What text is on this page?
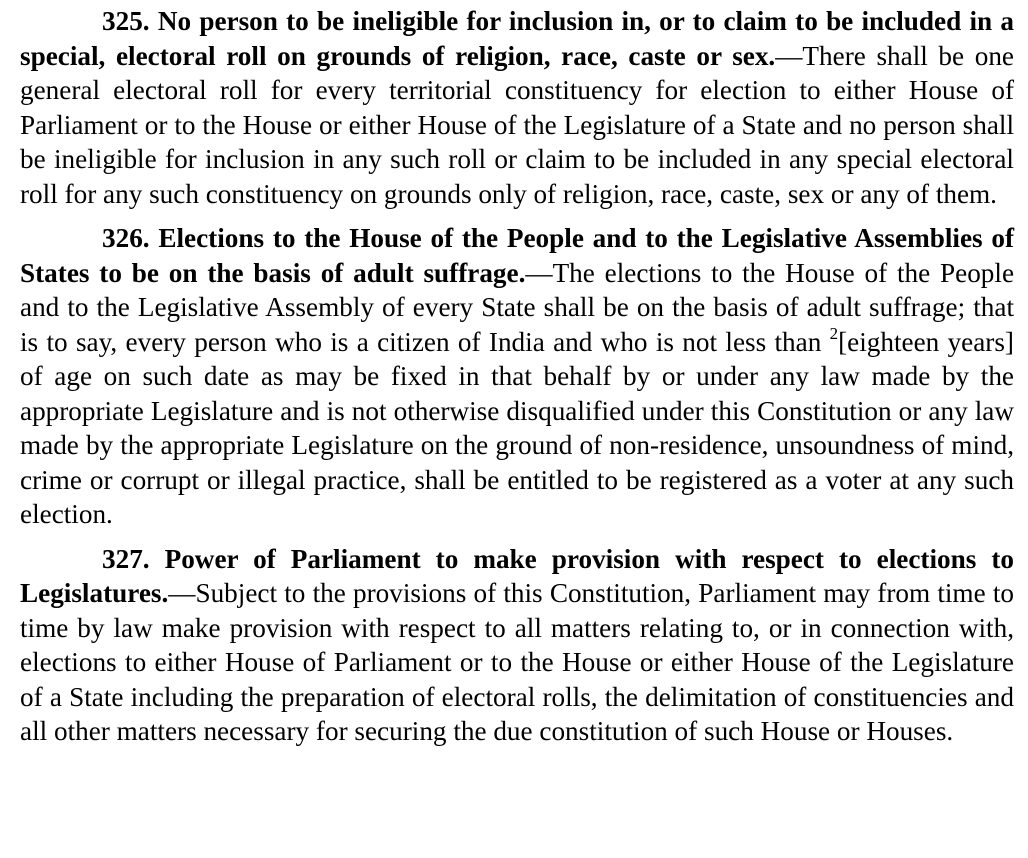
325. No person to be ineligible for inclusion in, or to claim to be included in a special, electoral roll on grounds of religion, race, caste or sex.—There shall be one general electoral roll for every territorial constituency for election to either House of Parliament or to the House or either House of the Legislature of a State and no person shall be ineligible for inclusion in any such roll or claim to be included in any special electoral roll for any such constituency on grounds only of religion, race, caste, sex or any of them.

326. Elections to the House of the People and to the Legislative Assemblies of States to be on the basis of adult suffrage.—The elections to the House of the People and to the Legislative Assembly of every State shall be on the basis of adult suffrage; that is to say, every person who is a citizen of India and who is not less than $^2$[eighteen years] of age on such date as may be fixed in that behalf by or under any law made by the appropriate Legislature and is not otherwise disqualified under this Constitution or any law made by the appropriate Legislature on the ground of non-residence, unsoundness of mind, crime or corrupt or illegal practice, shall be entitled to be registered as a voter at any such election.

327. Power of Parliament to make provision with respect to elections to Legislatures.—Subject to the provisions of this Constitution, Parliament may from time to time by law make provision with respect to all matters relating to, or in connection with, elections to either House of Parliament or to the House or either House of the Legislature of a State including the preparation of electoral rolls, the delimitation of constituencies and all other matters necessary for securing the due constitution of such House or Houses.
